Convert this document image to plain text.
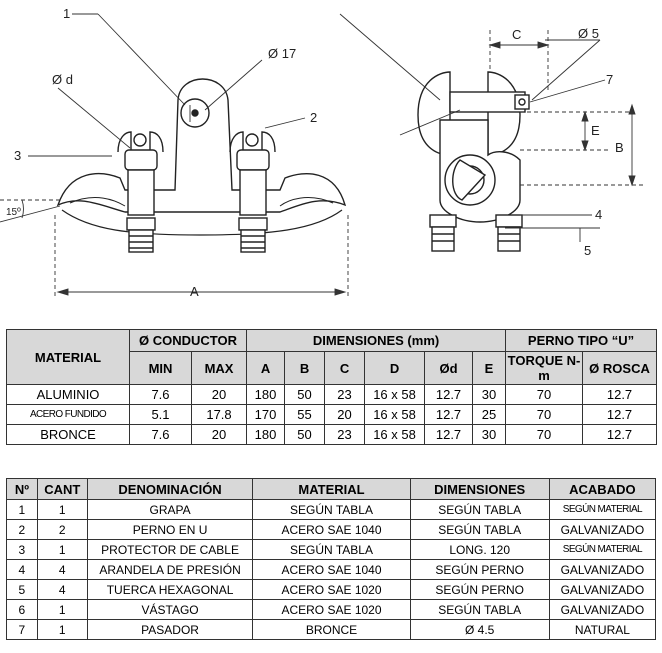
1
2
3
Ø 17
Ø d
15º
A
C	Ø 5
7
E
B
4
5
MATERIAL	Ø CONDUCTOR		DIMENSIONES (mm)						PERNO TIPO “U”	
	MIN	MAX	A	B	C	D	Ød	E	TORQUE N-m	Ø ROSCA
ALUMINIO	7.6	20	180	50	23	16 x 58	12.7	30	70	12.7
ACERO FUNDIDO	5.1	17.8	170	55	20	16 x 58	12.7	25	70	12.7
BRONCE	7.6	20	180	50	23	16 x 58	12.7	30	70	12.7
Nº	CANT	DENOMINACIÓN	MATERIAL	DIMENSIONES	ACABADO
1	1	GRAPA	SEGÚN TABLA	SEGÚN TABLA	SEGÚN MATERIAL
2	2	PERNO EN U	ACERO SAE 1040	SEGÚN TABLA	GALVANIZADO
3	1	PROTECTOR DE CABLE	SEGÚN TABLA	LONG. 120	SEGÚN MATERIAL
4	4	ARANDELA DE PRESIÓN	ACERO SAE 1040	SEGÚN PERNO	GALVANIZADO
5	4	TUERCA HEXAGONAL	ACERO SAE 1020	SEGÚN PERNO	GALVANIZADO
6	1	VÁSTAGO	ACERO SAE 1020	SEGÚN TABLA	GALVANIZADO
7	1	PASADOR	BRONCE	Ø 4.5	NATURAL
